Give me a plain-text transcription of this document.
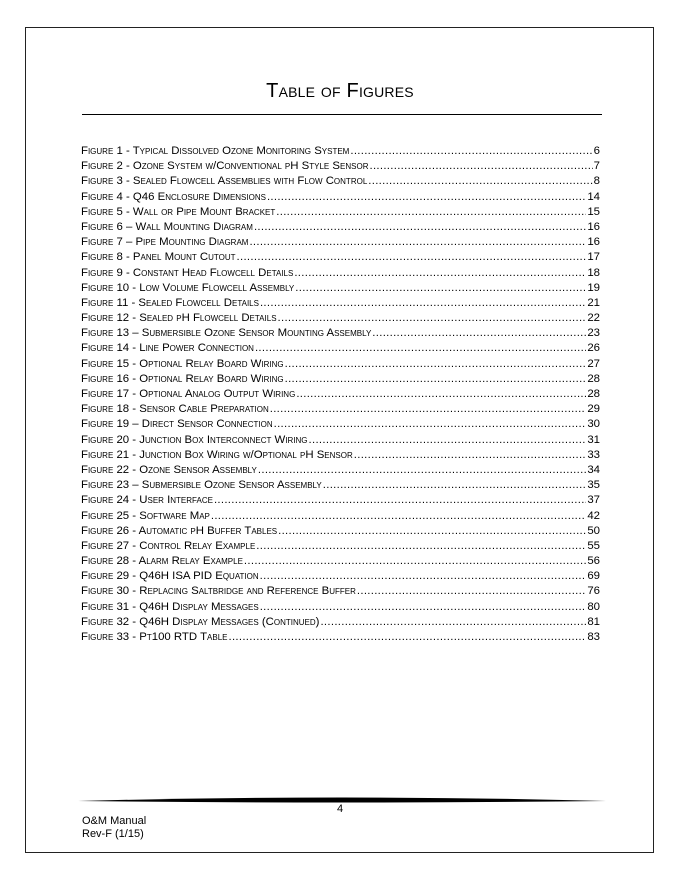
Table of Figures
Figure 1 - Typical Dissolved Ozone Monitoring System .....	6
Figure 2 - Ozone System w/Conventional pH Style Sensor .....	7
Figure 3 - Sealed Flowcell Assemblies with Flow Control .....	8
Figure 4 - Q46 Enclosure Dimensions .....	14
Figure 5 - Wall or Pipe Mount Bracket .....	15
Figure 6 – Wall Mounting Diagram .....	16
Figure 7 – Pipe Mounting Diagram .....	16
Figure 8 - Panel Mount Cutout .....	17
Figure 9 - Constant Head Flowcell Details .....	18
Figure 10 - Low Volume Flowcell Assembly .....	19
Figure 11 - Sealed Flowcell Details .....	21
Figure 12 - Sealed pH Flowcell Details .....	22
Figure 13 – Submersible Ozone Sensor Mounting Assembly .....	23
Figure 14 - Line Power Connection .....	26
Figure 15 - Optional Relay Board Wiring .....	27
Figure 16 - Optional Relay Board Wiring .....	28
Figure 17 - Optional Analog Output Wiring .....	28
Figure 18 - Sensor Cable Preparation .....	29
Figure 19 – Direct Sensor Connection .....	30
Figure 20 - Junction Box Interconnect Wiring .....	31
Figure 21 - Junction Box Wiring w/Optional pH Sensor .....	33
Figure 22 - Ozone Sensor Assembly .....	34
Figure 23 – Submersible Ozone Sensor Assembly .....	35
Figure 24 - User Interface .....	37
Figure 25 - Software Map .....	42
Figure 26 - Automatic pH Buffer Tables .....	50
Figure 27 - Control Relay Example .....	55
Figure 28 - Alarm Relay Example .....	56
Figure 29 - Q46H ISA PID Equation .....	69
Figure 30 - Replacing Saltbridge and Reference Buffer .....	76
Figure 31 - Q46H Display Messages .....	80
Figure 32 - Q46H Display Messages (Continued) .....	81
Figure 33 - Pt100 RTD Table .....	83
4
O&M Manual
Rev-F (1/15)
